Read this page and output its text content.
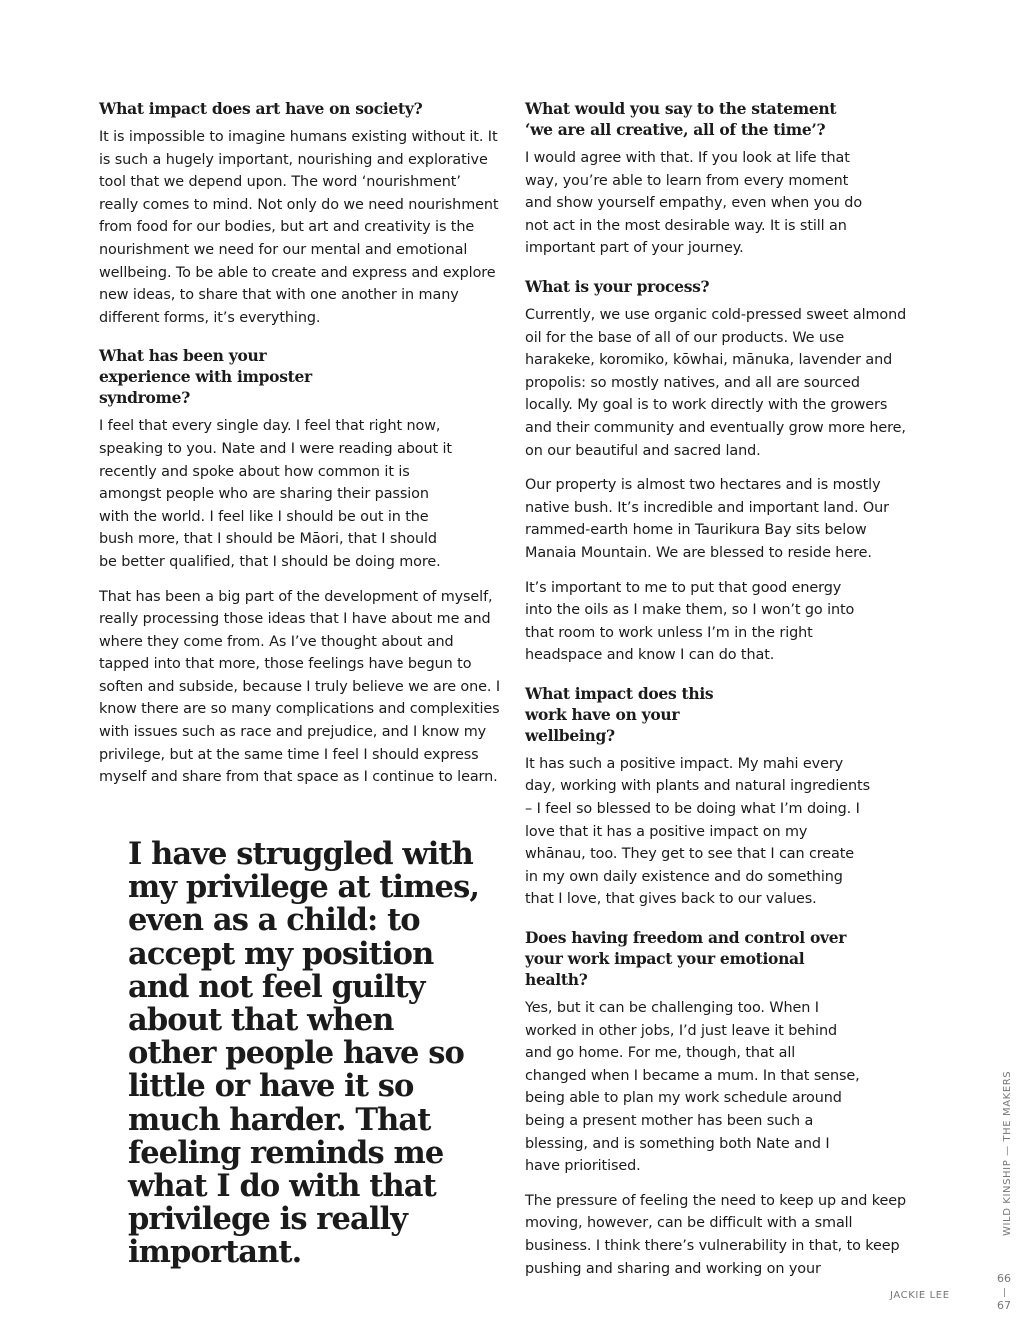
What impact does art have on society?

It is impossible to imagine humans existing without it. It is such a hugely important, nourishing and explorative tool that we depend upon. The word ‘nourishment’ really comes to mind. Not only do we need nourishment from food for our bodies, but art and creativity is the nourishment we need for our mental and emotional wellbeing. To be able to create and express and explore new ideas, to share that with one another in many different forms, it’s everything.

What has been your experience with imposter syndrome?

I feel that every single day. I feel that right now, speaking to you. Nate and I were reading about it recently and spoke about how common it is amongst people who are sharing their passion with the world. I feel like I should be out in the bush more, that I should be Māori, that I should be better qualified, that I should be doing more.

That has been a big part of the development of myself, really processing those ideas that I have about me and where they come from. As I’ve thought about and tapped into that more, those feelings have begun to soften and subside, because I truly believe we are one. I know there are so many complications and complexities with issues such as race and prejudice, and I know my privilege, but at the same time I feel I should express myself and share from that space as I continue to learn.

I have struggled with my privilege at times, even as a child: to accept my position and not feel guilty about that when other people have so little or have it so much harder. That feeling reminds me what I do with that privilege is really important.

What would you say to the statement ‘we are all creative, all of the time’?

I would agree with that. If you look at life that way, you’re able to learn from every moment and show yourself empathy, even when you do not act in the most desirable way. It is still an important part of your journey.

What is your process?

Currently, we use organic cold-pressed sweet almond oil for the base of all of our products. We use harakeke, koromiko, kōwhai, mānuka, lavender and propolis: so mostly natives, and all are sourced locally. My goal is to work directly with the growers and their community and eventually grow more here, on our beautiful and sacred land.

Our property is almost two hectares and is mostly native bush. It’s incredible and important land. Our rammed-earth home in Taurikura Bay sits below Manaia Mountain. We are blessed to reside here.

It’s important to me to put that good energy into the oils as I make them, so I won’t go into that room to work unless I’m in the right headspace and know I can do that.

What impact does this work have on your wellbeing?

It has such a positive impact. My mahi every day, working with plants and natural ingredients – I feel so blessed to be doing what I’m doing. I love that it has a positive impact on my whānau, too. They get to see that I can create in my own daily existence and do something that I love, that gives back to our values.

Does having freedom and control over your work impact your emotional health?

Yes, but it can be challenging too. When I worked in other jobs, I’d just leave it behind and go home. For me, though, that all changed when I became a mum. In that sense, being able to plan my work schedule around being a present mother has been such a blessing, and is something both Nate and I have prioritised.

The pressure of feeling the need to keep up and keep moving, however, can be difficult with a small business. I think there’s vulnerability in that, to keep pushing and sharing and working on your

WILD KINSHIP — THE MAKERS
JACKIE LEE
66
67
